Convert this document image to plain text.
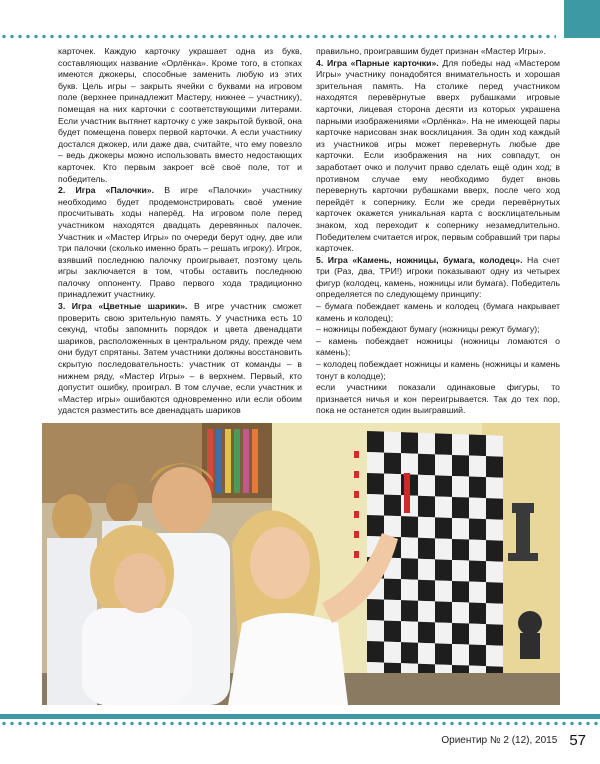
карточек. Каждую карточку украшает одна из букв, составляющих название «Орлёнка». Кроме того, в стопках имеются джокеры, способные заменить любую из этих букв. Цель игры – закрыть ячейки с буквами на игровом поле (верхнее принадлежит Мастеру, нижнее – участнику), помещая на них карточки с соответствующими литерами. Если участник вытянет карточку с уже закрытой буквой, она будет помещена поверх первой карточки. А если участнику достался джокер, или даже два, считайте, что ему повезло – ведь джокеры можно использовать вместо недостающих карточек. Кто первым закроет всё своё поле, тот и победитель.

2. Игра «Палочки». В игре «Палочки» участнику необходимо будет продемонстрировать своё умение просчитывать ходы наперёд. На игровом поле перед участником находятся двадцать деревянных палочек. Участник и «Мастер Игры» по очереди берут одну, две или три палочки (сколько именно брать – решать игроку). Игрок, взявший последнюю палочку проигрывает, поэтому цель игры заключается в том, чтобы оставить последнюю палочку оппоненту. Право первого хода традиционно принадлежит участнику.

3. Игра «Цветные шарики». В игре участник сможет проверить свою зрительную память. У участника есть 10 секунд, чтобы запомнить порядок и цвета двенадцати шариков, расположенных в центральном ряду, прежде чем они будут спрятаны. Затем участники должны восстановить скрытую последовательность: участник от команды – в нижнем ряду, «Мастер Игры» – в верхнем. Первый, кто допустит ошибку, проиграл. В том случае, если участник и «Мастер игры» ошибаются одновременно или если обоим удастся разместить все двенадцать шариков

правильно, проигравшим будет признан «Мастер Игры».

4. Игра «Парные карточки». Для победы над «Мастером Игры» участнику понадобятся внимательность и хорошая зрительная память. На столике перед участником находятся перевёрнутые вверх рубашками игровые карточки, лицевая сторона десяти из которых украшена парными изображениями «Орлёнка». На не имеющей пары карточке нарисован знак восклицания. За один ход каждый из участников игры может перевернуть любые две карточки. Если изображения на них совпадут, он заработает очко и получит право сделать ещё один ход; в противном случае ему необходимо будет вновь перевернуть карточки рубашками вверх, после чего ход перейдёт к сопернику. Если же среди перевёрнутых карточек окажется уникальная карта с восклицательным знаком, ход переходит к сопернику незамедлительно. Победителем считается игрок, первым собравший три пары карточек.

5. Игра «Камень, ножницы, бумага, колодец». На счет три (Раз, два, ТРИ!) игроки показывают одну из четырех фигур (колодец, камень, ножницы или бумага). Победитель определяется по следующему принципу:

– бумага побеждает камень и колодец (бумага накрывает камень и колодец);

– ножницы побеждают бумагу (ножницы режут бумагу);

– камень побеждает ножницы (ножницы ломаются о камень);

– колодец побеждает ножницы и камень (ножницы и камень тонут в колодце);

если участники показали одинаковые фигуры, то признается ничья и кон переигрывается. Так до тех пор, пока не останется один выигравший.

Ориентир № 2 (12), 2015 57
